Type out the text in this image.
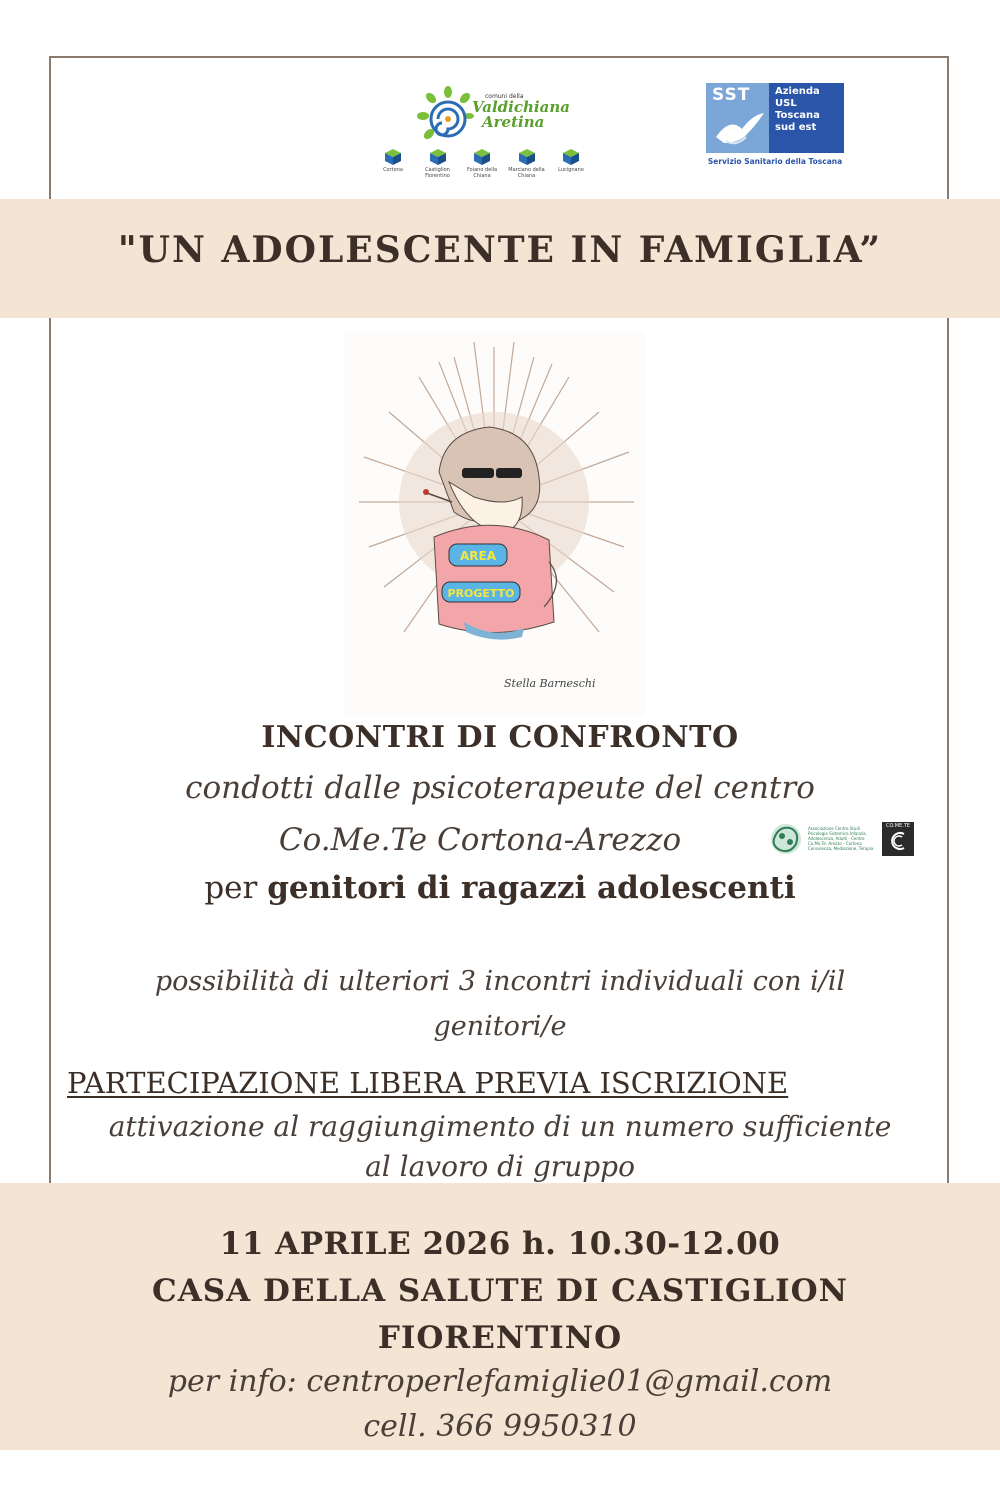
comuni della
Valdichiana
Aretina
Cortona	Castiglion Fiorentino
Foiano della Chiana
Marciano della Chiana
Lucignano
SST Azienda
USL
Toscana
sud est
Servizio Sanitario della Toscana
"UN ADOLESCENTE IN FAMIGLIA”
AREA
PROGETTO
Stella Barneschi
INCONTRI DI CONFRONTO
condotti dalle psicoterapeute del centro
Co.Me.Te Cortona-Arezzo	Associazione Centro Studi Psicologia Sistemica Infanzia, Adolescenza, Adulti - Centro Co.Me.Te. Arezzo - Cortona Consulenza, Mediazione, Terapia
CO.ME.TE
per genitori di ragazzi adolescenti
possibilità di ulteriori 3 incontri individuali con i/il
genitori/e
PARTECIPAZIONE LIBERA PREVIA ISCRIZIONE
attivazione al raggiungimento di un numero sufficiente
al lavoro di gruppo
11 APRILE 2026 h. 10.30-12.00
CASA DELLA SALUTE DI CASTIGLION
FIORENTINO
per info: centroperlefamiglie01@gmail.com
cell. 366 9950310
